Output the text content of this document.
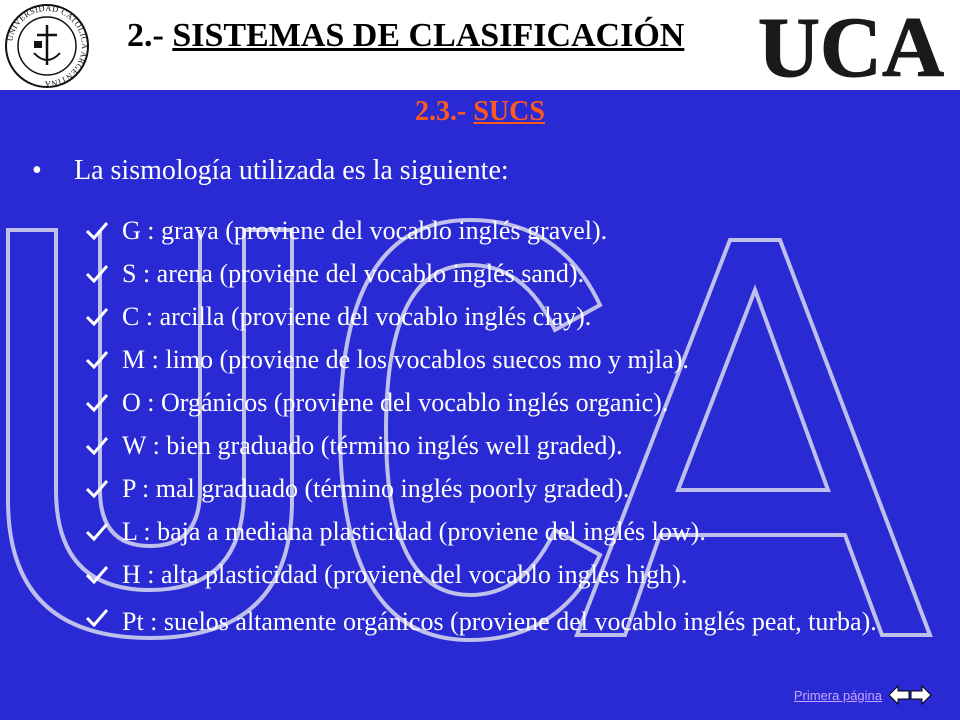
UNIVERSIDAD CATÓLICA ARGENTINA
2.- SISTEMAS DE CLASIFICACIÓN UCA
2.3.- SUCS
• La sismología utilizada es la siguiente:
G : grava (proviene del vocablo inglés gravel).
S : arena (proviene del vocablo inglés sand).
C : arcilla (proviene del vocablo inglés clay).
M : limo (proviene de los vocablos suecos mo y mjla).
O : Orgánicos (proviene del vocablo inglés organic).
W : bien graduado (término inglés well graded).
P : mal graduado (término inglés poorly graded).
L : baja a mediana plasticidad (proviene del inglés low).
H : alta plasticidad (proviene del vocablo ingles high).
Pt : suelos altamente orgánicos (proviene del vocablo inglés peat, turba).
Primera página
